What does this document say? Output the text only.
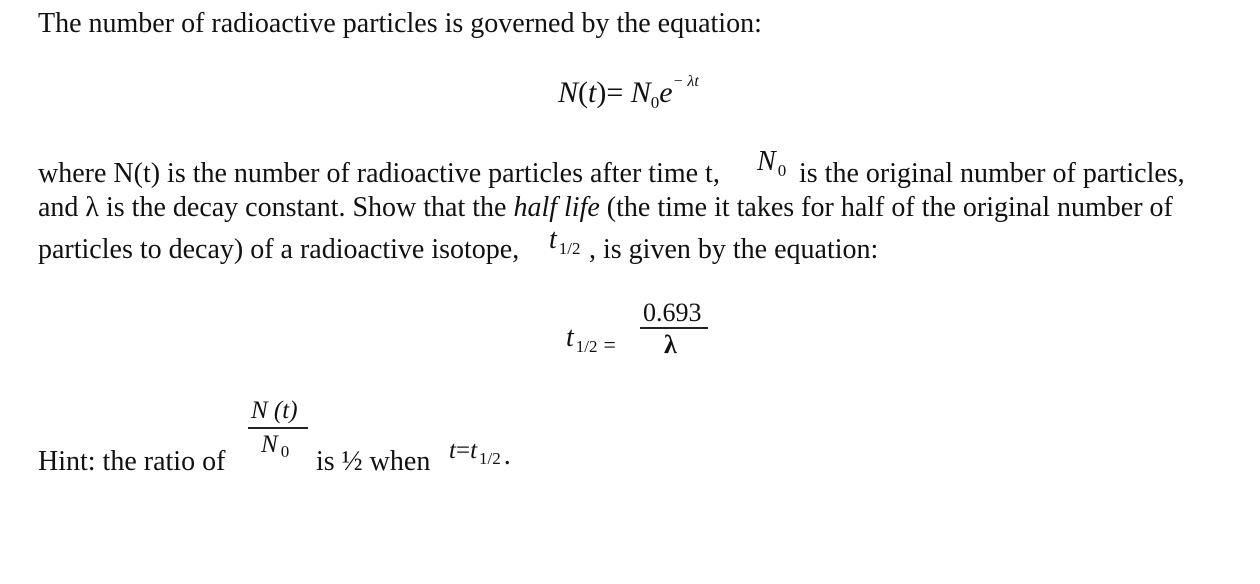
The number of radioactive particles is governed by the equation:
$N(t)= N_0e^{- \lambda t}$
where N(t) is the number of radioactive particles after time t, N $_0$ is the original number of particles,
and λ is the decay constant. Show that the half life (the time it takes for half of the original number of
particles to decay) of a radioactive isotope, t $_{1/2}$ , is given by the equation:
t $_{1/2}$ $_=$
0.693
λ
Hint: the ratio of
N (t)
N $_0$ is ½ when t=t $_{1/2}$ .
